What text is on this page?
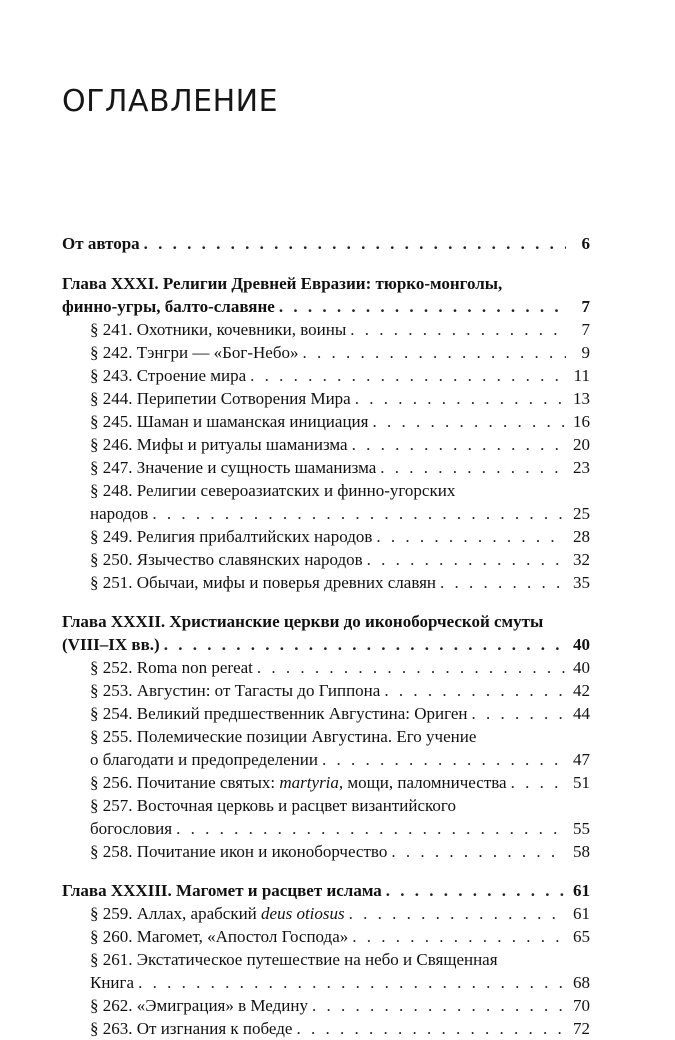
ОГЛАВЛЕНИЕ
От автора . . .	6
Глава XXXI. Религии Древней Евразии: тюрко-монголы,
финно-угры, балто-славяне . . .	7
§ 241. Охотники, кочевники, воины . . .	7
§ 242. Тэнгри — «Бог-Небо» . . .	9
§ 243. Строение мира . . .	11
§ 244. Перипетии Сотворения Мира . . .	13
§ 245. Шаман и шаманская инициация . . .	16
§ 246. Мифы и ритуалы шаманизма . . .	20
§ 247. Значение и сущность шаманизма . . .	23
§ 248. Религии североазиатских и финно-угорских
народов . . .	25
§ 249. Религия прибалтийских народов . . .	28
§ 250. Язычество славянских народов . . .	32
§ 251. Обычаи, мифы и поверья древних славян . . .	35
Глава XXXII. Христианские церкви до иконоборческой смуты
(VIII–IX вв.) . . .	40
§ 252. Roma non pereat . . .	40
§ 253. Августин: от Тагасты до Гиппона . . .	42
§ 254. Великий предшественник Августина: Ориген . . .	44
§ 255. Полемические позиции Августина. Его учение
о благодати и предопределении . . .	47
§ 256. Почитание святых: martyria, мощи, паломничества . . .	51
§ 257. Восточная церковь и расцвет византийского
богословия . . .	55
§ 258. Почитание икон и иконоборчество . . .	58
Глава XXXIII. Магомет и расцвет ислама . . .	61
§ 259. Аллах, арабский deus otiosus . . .	61
§ 260. Магомет, «Апостол Господа» . . .	65
§ 261. Экстатическое путешествие на небо и Священная
Книга . . .	68
§ 262. «Эмиграция» в Медину . . .	70
§ 263. От изгнания к победе . . .	72
